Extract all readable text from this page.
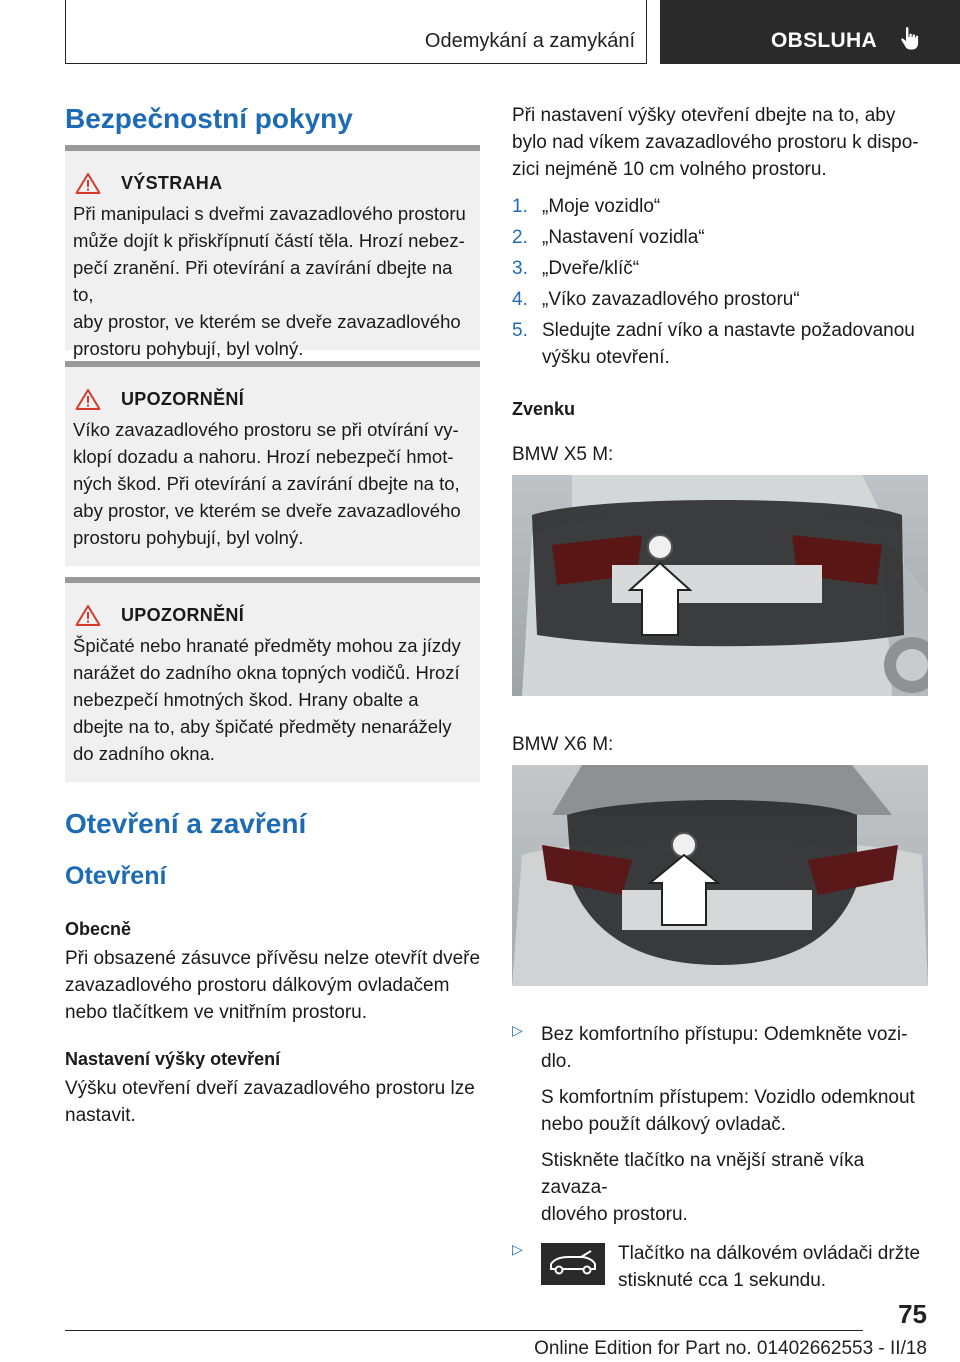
Odemykání a zamykání	OBSLUHA
Bezpečnostní pokyny
VÝSTRAHA
Při manipulaci s dveřmi zavazadlového prostoru
může dojít k přiskřípnutí částí těla. Hrozí nebez-
pečí zranění. Při otevírání a zavírání dbejte na to,
aby prostor, ve kterém se dveře zavazadlového
prostoru pohybují, byl volný.
UPOZORNĚNÍ
Víko zavazadlového prostoru se při otvírání vy-
klopí dozadu a nahoru. Hrozí nebezpečí hmot-
ných škod. Při otevírání a zavírání dbejte na to,
aby prostor, ve kterém se dveře zavazadlového
prostoru pohybují, byl volný.
UPOZORNĚNÍ
Špičaté nebo hranaté předměty mohou za jízdy
narážet do zadního okna topných vodičů. Hrozí
nebezpečí hmotných škod. Hrany obalte a
dbejte na to, aby špičaté předměty nenarážely
do zadního okna.
Otevření a zavření
Otevření
Obecně
Při obsazené zásuvce přívěsu nelze otevřít dveře
zavazadlového prostoru dálkovým ovladačem
nebo tlačítkem ve vnitřním prostoru.
Nastavení výšky otevření
Výšku otevření dveří zavazadlového prostoru lze
nastavit.
Při nastavení výšky otevření dbejte na to, aby
bylo nad víkem zavazadlového prostoru k dispo-
zici nejméně 10 cm volného prostoru.
1. „Moje vozidlo“
2. „Nastavení vozidla“
3. „Dveře/klíč“
4. „Víko zavazadlového prostoru“
5. Sledujte zadní víko a nastavte požadovanou
výšku otevření.
Zvenku
BMW X5 M:
BMW X6 M:
▷ Bez komfortního přístupu: Odemkněte vozi-
dlo.
S komfortním přístupem: Vozidlo odemknout
nebo použít dálkový ovladač.
Stiskněte tlačítko na vnější straně víka zavaza-
dlového prostoru.
▷	Tlačítko na dálkovém ovládači držte
stisknuté cca 1 sekundu.
75
Online Edition for Part no. 01402662553 - II/18
